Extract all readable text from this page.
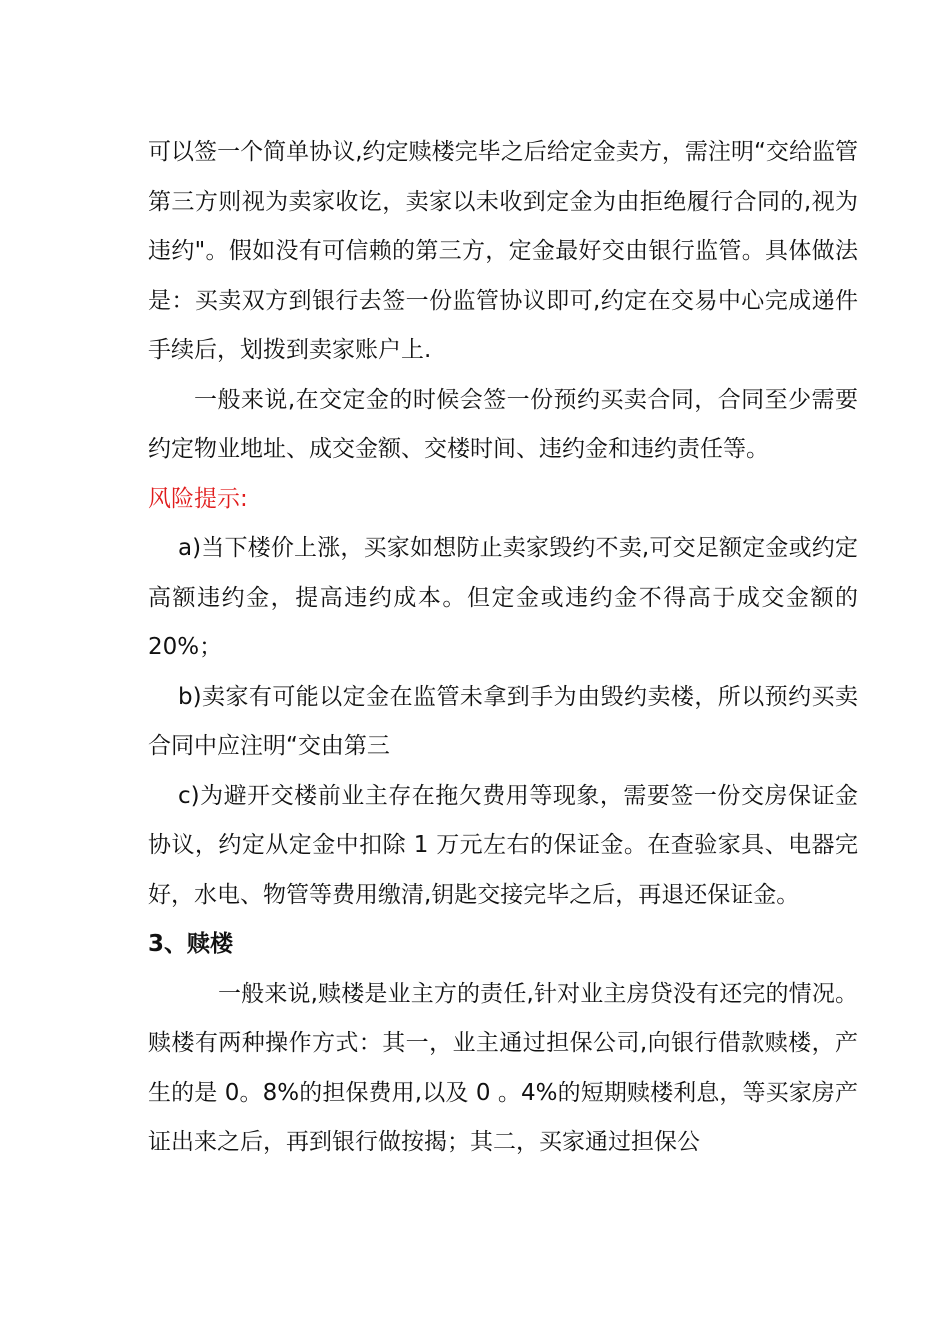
可以签一个简单协议,约定赎楼完毕之后给定金卖方，需注明“交给监管第三方则视为卖家收讫，卖家以未收到定金为由拒绝履行合同的,视为违约"。假如没有可信赖的第三方，定金最好交由银行监管。具体做法是：买卖双方到银行去签一份监管协议即可,约定在交易中心完成递件手续后，划拨到卖家账户上.

一般来说,在交定金的时候会签一份预约买卖合同，合同至少需要约定物业地址、成交金额、交楼时间、违约金和违约责任等。

风险提示:

a)当下楼价上涨，买家如想防止卖家毁约不卖,可交足额定金或约定高额违约金，提高违约成本。但定金或违约金不得高于成交金额的 20%；

b)卖家有可能以定金在监管未拿到手为由毁约卖楼，所以预约买卖合同中应注明“交由第三

c)为避开交楼前业主存在拖欠费用等现象，需要签一份交房保证金协议，约定从定金中扣除 1 万元左右的保证金。在查验家具、电器完好，水电、物管等费用缴清,钥匙交接完毕之后，再退还保证金。

3、赎楼

一般来说,赎楼是业主方的责任,针对业主房贷没有还完的情况。赎楼有两种操作方式：其一，业主通过担保公司,向银行借款赎楼，产生的是 0。8%的担保费用,以及 0 。4%的短期赎楼利息，等买家房产证出来之后，再到银行做按揭；其二，买家通过担保公
